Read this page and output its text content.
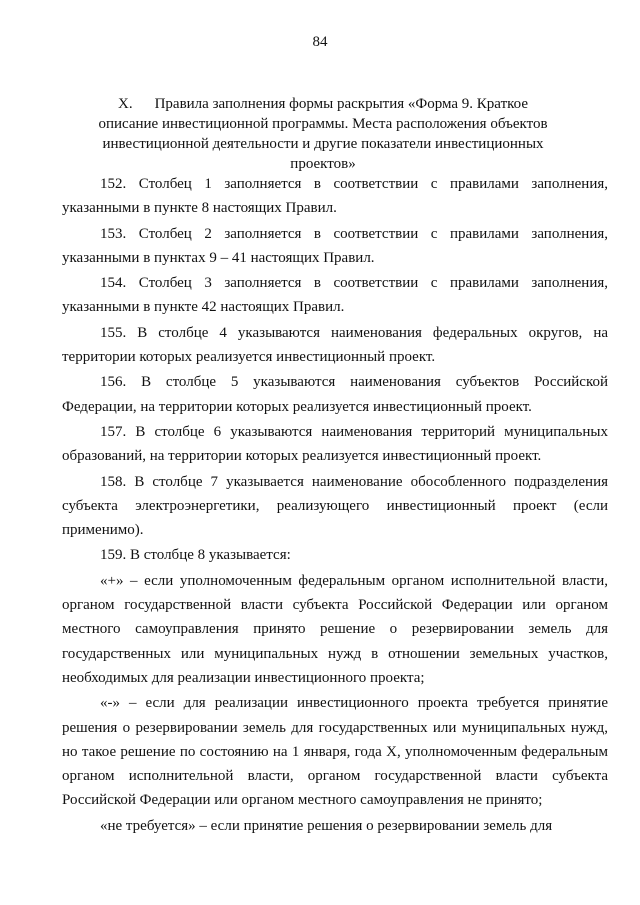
84
X. Правила заполнения формы раскрытия «Форма 9. Краткое описание инвестиционной программы. Места расположения объектов инвестиционной деятельности и другие показатели инвестиционных проектов»

152. Столбец 1 заполняется в соответствии с правилами заполнения, указанными в пункте 8 настоящих Правил.

153. Столбец 2 заполняется в соответствии с правилами заполнения, указанными в пунктах 9 – 41 настоящих Правил.

154. Столбец 3 заполняется в соответствии с правилами заполнения, указанными в пункте 42 настоящих Правил.

155. В столбце 4 указываются наименования федеральных округов, на территории которых реализуется инвестиционный проект.

156. В столбце 5 указываются наименования субъектов Российской Федерации, на территории которых реализуется инвестиционный проект.

157. В столбце 6 указываются наименования территорий муниципальных образований, на территории которых реализуется инвестиционный проект.

158. В столбце 7 указывается наименование обособленного подразделения субъекта электроэнергетики, реализующего инвестиционный проект (если применимо).

159. В столбце 8 указывается:

«+» – если уполномоченным федеральным органом исполнительной власти, органом государственной власти субъекта Российской Федерации или органом местного самоуправления принято решение о резервировании земель для государственных или муниципальных нужд в отношении земельных участков, необходимых для реализации инвестиционного проекта;

«-» – если для реализации инвестиционного проекта требуется принятие решения о резервировании земель для государственных или муниципальных нужд, но такое решение по состоянию на 1 января, года X, уполномоченным федеральным органом исполнительной власти, органом государственной власти субъекта Российской Федерации или органом местного самоуправления не принято;

«не требуется» – если принятие решения о резервировании земель для
